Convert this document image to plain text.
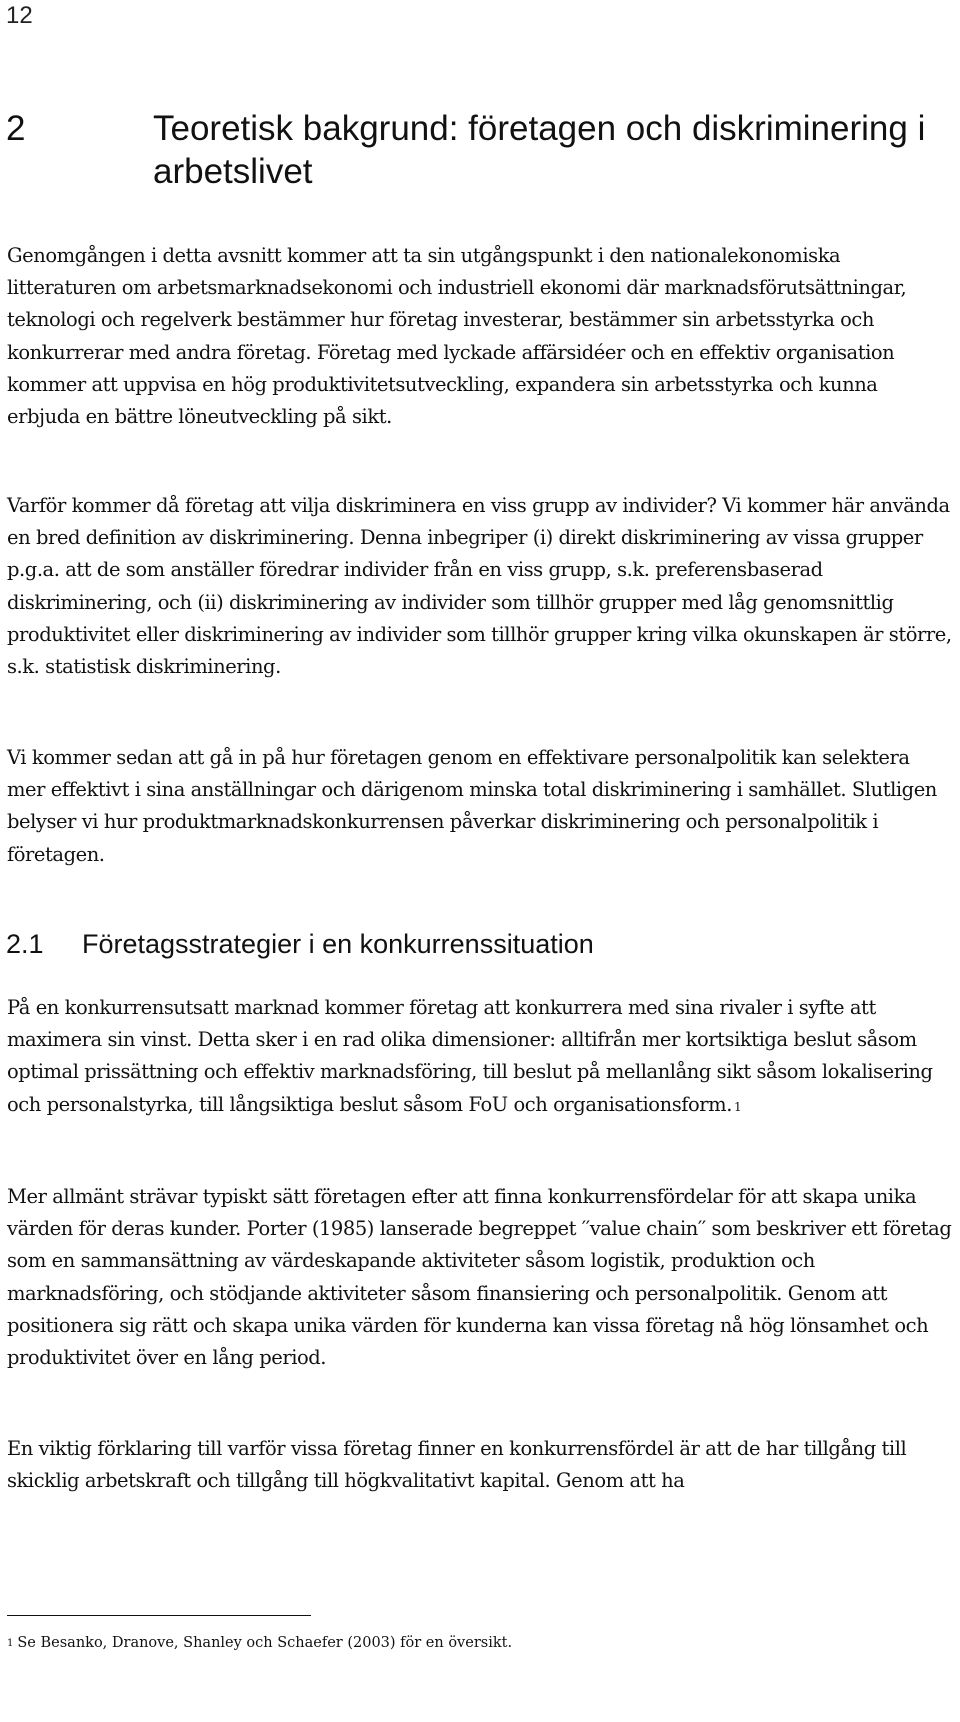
12
2	Teoretisk bakgrund: företagen och diskriminering i arbetslivet

Genomgången i detta avsnitt kommer att ta sin utgångspunkt i den nationalekonomiska litteraturen om arbetsmarknadsekonomi och industriell ekonomi där marknadsförutsättningar, teknologi och regelverk bestämmer hur företag investerar, bestämmer sin arbetsstyrka och konkurrerar med andra företag. Företag med lyckade affärsidéer och en effektiv organisation kommer att uppvisa en hög produktivitetsutveckling, expandera sin arbetsstyrka och kunna erbjuda en bättre löneutveckling på sikt.

Varför kommer då företag att vilja diskriminera en viss grupp av individer? Vi kommer här använda en bred definition av diskriminering. Denna inbegriper (i) direkt diskriminering av vissa grupper p.g.a. att de som anställer föredrar individer från en viss grupp, s.k. preferensbaserad diskriminering, och (ii) diskriminering av individer som tillhör grupper med låg genomsnittlig produktivitet eller diskriminering av individer som tillhör grupper kring vilka okunskapen är större, s.k. statistisk diskriminering.

Vi kommer sedan att gå in på hur företagen genom en effektivare personalpolitik kan selektera mer effektivt i sina anställningar och därigenom minska total diskriminering i samhället. Slutligen belyser vi hur produktmarknadskonkurrensen påverkar diskriminering och personalpolitik i företagen.

2.1 Företagsstrategier i en konkurrenssituation

På en konkurrensutsatt marknad kommer företag att konkurrera med sina rivaler i syfte att maximera sin vinst. Detta sker i en rad olika dimensioner: alltifrån mer kortsiktiga beslut såsom optimal prissättning och effektiv marknadsföring, till beslut på mellanlång sikt såsom lokalisering och personalstyrka, till långsiktiga beslut såsom FoU och organisationsform. $^1$

Mer allmänt strävar typiskt sätt företagen efter att finna konkurrensfördelar för att skapa unika värden för deras kunder. Porter (1985) lanserade begreppet ′′value chain′′ som beskriver ett företag som en sammansättning av värdeskapande aktiviteter såsom logistik, produktion och marknadsföring, och stödjande aktiviteter såsom finansiering och personalpolitik. Genom att positionera sig rätt och skapa unika värden för kunderna kan vissa företag nå hög lönsamhet och produktivitet över en lång period.

En viktig förklaring till varför vissa företag finner en konkurrensfördel är att de har tillgång till skicklig arbetskraft och tillgång till högkvalitativt kapital. Genom att ha

$^1$ Se Besanko, Dranove, Shanley och Schaefer (2003) för en översikt.
